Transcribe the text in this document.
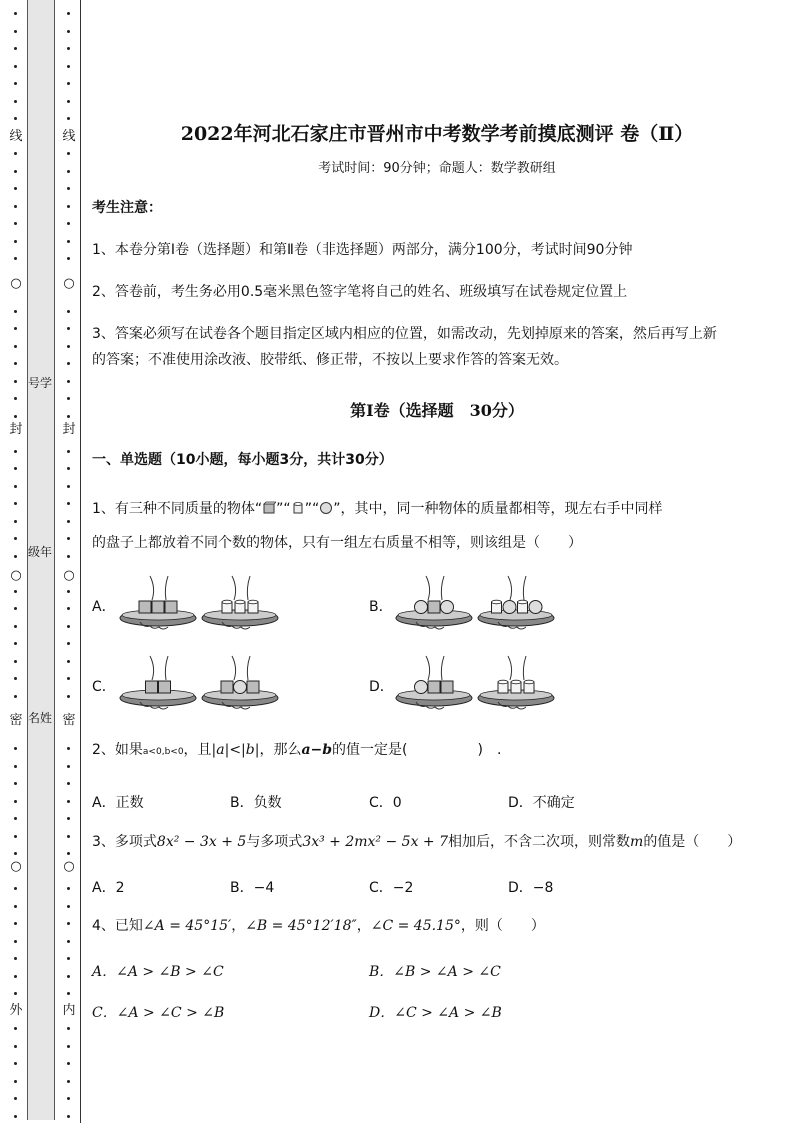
线
○
封
○
密
○
外
号学
级年
名姓
线
○
封
○
密
○
内
2022年河北石家庄市晋州市中考数学考前摸底测评 卷（Ⅱ）
考试时间：90分钟；命题人：数学教研组
考生注意：
1、本卷分第Ⅰ卷（选择题）和第Ⅱ卷（非选择题）两部分，满分100分，考试时间90分钟
2、答卷前，考生务必用0.5毫米黑色签字笔将自己的姓名、班级填写在试卷规定位置上
3、答案必须写在试卷各个题目指定区域内相应的位置，如需改动，先划掉原来的答案，然后再写上新
的答案；不准使用涂改液、胶带纸、修正带，不按以上要求作答的答案无效。
第Ⅰ卷（选择题　30分）
一、单选题（10小题，每小题3分，共计30分）
1、有三种不同质量的物体“ ”“ ”“ ”，其中，同一种物体的质量都相等，现左右手中同样
的盘子上都放着不同个数的物体，只有一组左右质量不相等，则该组是（　　）
A．	B．
C．	D．
2、如果a<0,b<0，且|a|<|b|，那么a−b的值一定是(　　　　　)　.
A．正数	B．负数	C．0	D．不确定
3、多项式8x² − 3x + 5与多项式3x³ + 2mx² − 5x + 7相加后，不含二次项，则常数m的值是（　　）
A．2	B．−4	C．−2	D．−8
4、已知∠A = 45°15′，∠B = 45°12′18″，∠C = 45.15°，则（　　）
A．∠A > ∠B > ∠C	B．∠B > ∠A > ∠C
C．∠A > ∠C > ∠B	D．∠C > ∠A > ∠B
